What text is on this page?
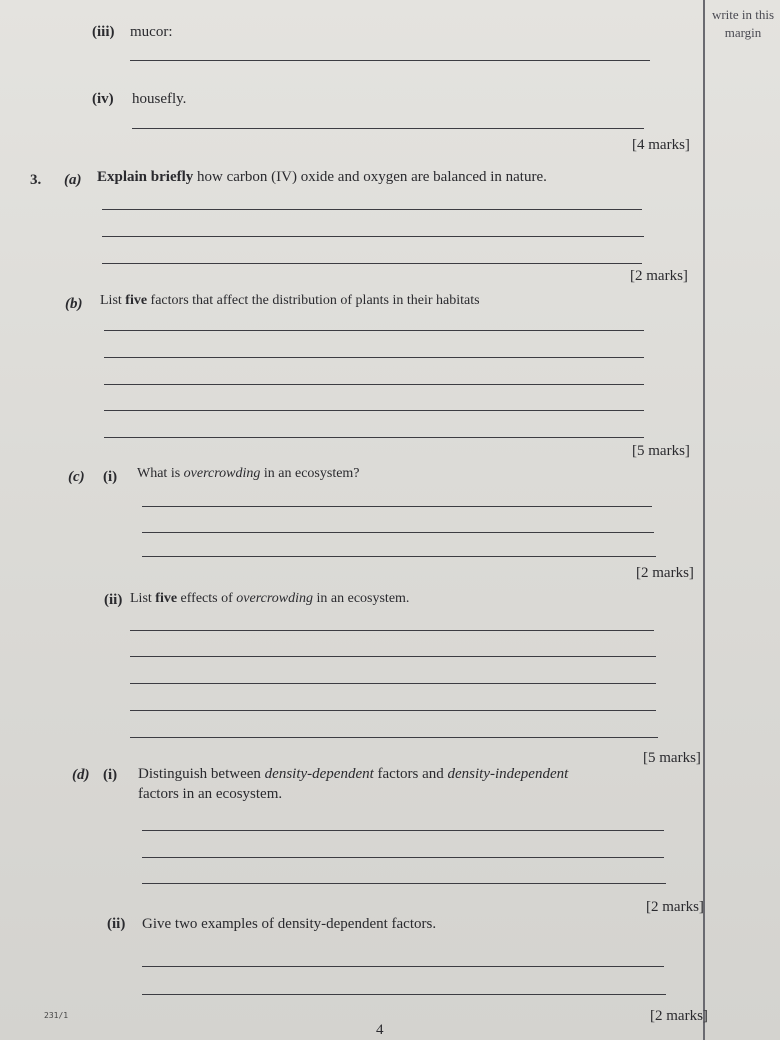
write in this margin
(iii) mucor:
(iv) housefly.
[4 marks]
3. (a) Explain briefly how carbon (IV) oxide and oxygen are balanced in nature.
[2 marks]
(b) List five factors that affect the distribution of plants in their habitats
[5 marks]
(c) (i) What is overcrowding in an ecosystem?
[2 marks]
(ii) List five effects of overcrowding in an ecosystem.
[5 marks]
(d) (i) Distinguish between density-dependent factors and density-independent
factors in an ecosystem.
[2 marks]
(ii) Give two examples of density-dependent factors.
[2 marks]
231/1
4
